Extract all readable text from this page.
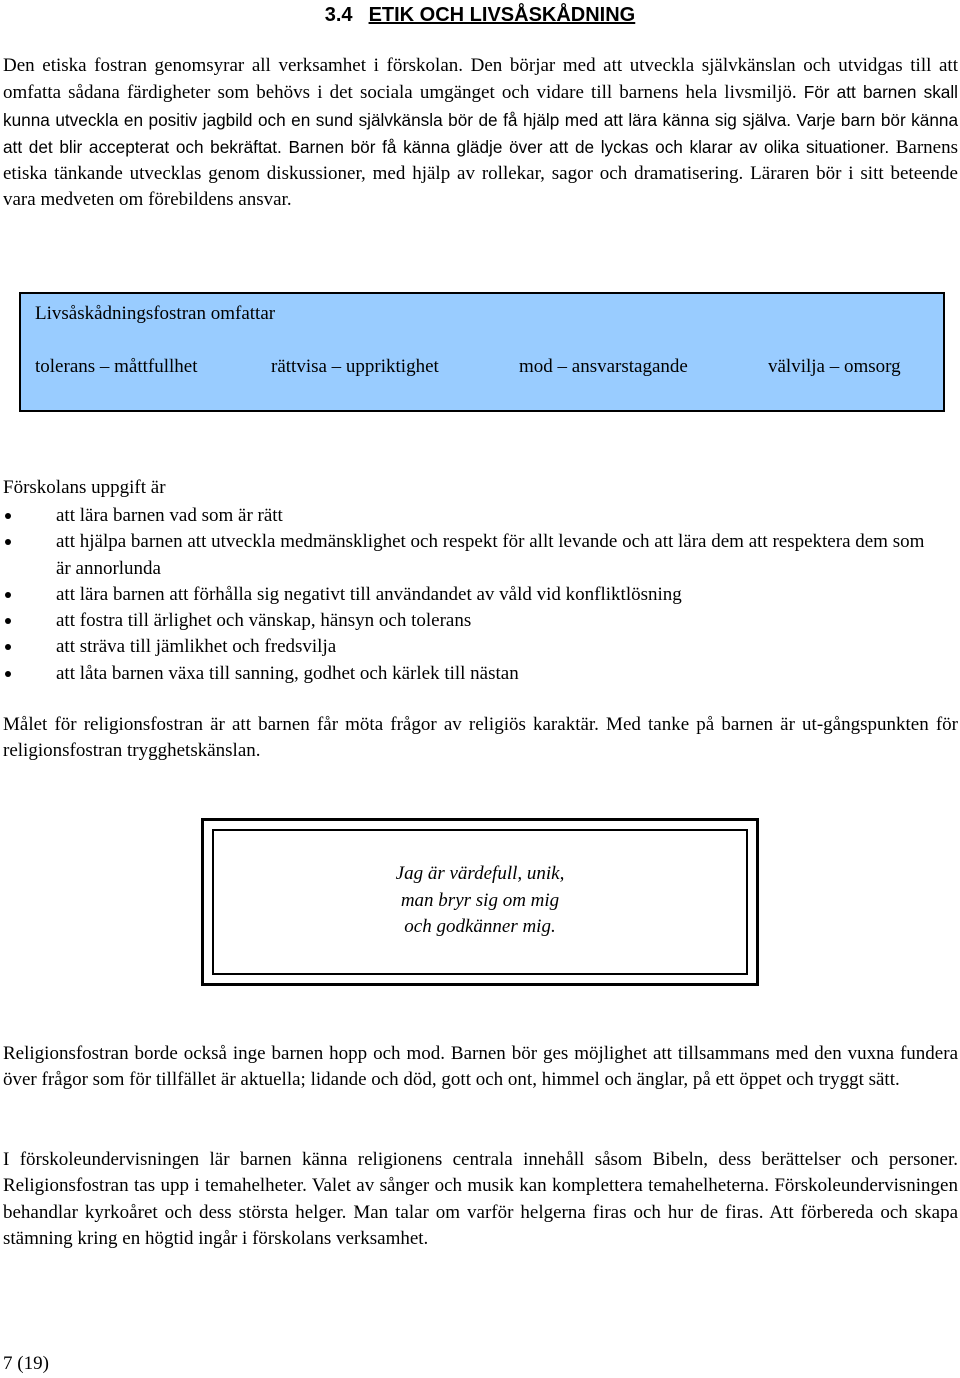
3.4 ETIK OCH LIVSÅSKÅDNING

Den etiska fostran genomsyrar all verksamhet i förskolan. Den börjar med att utveckla självkänslan och utvidgas till att omfatta sådana färdigheter som behövs i det sociala umgänget och vidare till barnens hela livsmiljö. För att barnen skall kunna utveckla en positiv jagbild och en sund självkänsla bör de få hjälp med att lära känna sig själva. Varje barn bör känna att det blir accepterat och bekräftat. Barnen bör få känna glädje över att de lyckas och klarar av olika situationer. Barnens etiska tänkande utvecklas genom diskussioner, med hjälp av rollekar, sagor och dramatisering. Läraren bör i sitt beteende vara medveten om förebildens ansvar.

Livsåskådningsfostran omfattar
tolerans – måttfullhet	rättvisa – uppriktighet	mod – ansvarstagande	välvilja – omsorg
Förskolans uppgift är
att lära barnen vad som är rätt
att hjälpa barnen att utveckla medmänsklighet och respekt för allt levande och att lära dem att respektera dem som är annorlunda
att lära barnen att förhålla sig negativt till användandet av våld vid konfliktlösning
att fostra till ärlighet och vänskap, hänsyn och tolerans
att sträva till jämlikhet och fredsvilja
att låta barnen växa till sanning, godhet och kärlek till nästan

Målet för religionsfostran är att barnen får möta frågor av religiös karaktär. Med tanke på barnen är ut-gångspunkten för religionsfostran trygghetskänslan.

Jag är värdefull, unik,
man bryr sig om mig
och godkänner mig.

Religionsfostran borde också inge barnen hopp och mod. Barnen bör ges möjlighet att tillsammans med den vuxna fundera över frågor som för tillfället är aktuella; lidande och död, gott och ont, himmel och änglar, på ett öppet och tryggt sätt.

I förskoleundervisningen lär barnen känna religionens centrala innehåll såsom Bibeln, dess berättelser och personer. Religionsfostran tas upp i temahelheter. Valet av sånger och musik kan komplettera temahelheterna. Förskoleundervisningen behandlar kyrkoåret och dess största helger. Man talar om varför helgerna firas och hur de firas. Att förbereda och skapa stämning kring en högtid ingår i förskolans verksamhet.

7 (19)
